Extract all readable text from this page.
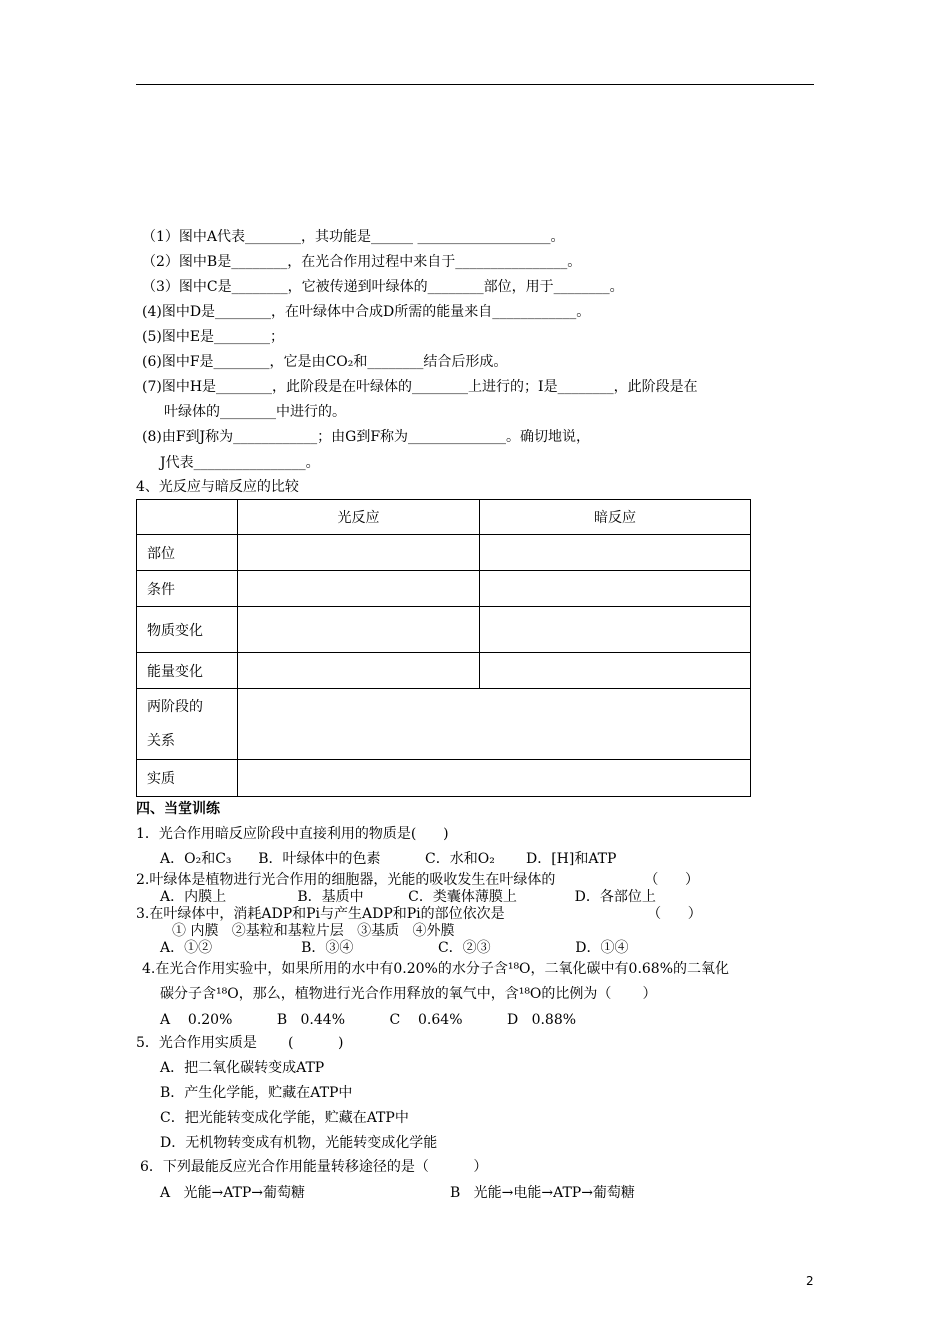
（1）图中A代表________，其功能是______ ___________________。
（2）图中B是________，在光合作用过程中来自于________________。
（3）图中C是________，它被传递到叶绿体的________部位，用于________。
(4)图中D是________，在叶绿体中合成D所需的能量来自____________。
(5)图中E是________；
(6)图中F是________，它是由CO₂和________结合后形成。
(7)图中H是________，此阶段是在叶绿体的________上进行的；I是________，此阶段是在
叶绿体的________中进行的。
(8)由F到J称为____________；由G到F称为______________。确切地说，
J代表________________。
4、光反应与暗反应的比较
	光反应	暗反应
部位		
条件		
物质变化		
能量变化		
两阶段的
关系		
实质		
四、当堂训练
1．光合作用暗反应阶段中直接利用的物质是(      )
A．O₂和C₃      B．叶绿体中的色素          C．水和O₂       D．[H]和ATP
2.叶绿体是植物进行光合作用的细胞器，光能的吸收发生在叶绿体的                    （      ）
A．内膜上                B．基质中          C．类囊体薄膜上             D．各部位上
3.在叶绿体中，消耗ADP和Pi与产生ADP和Pi的部位依次是                                （      ）
① 内膜   ②基粒和基粒片层   ③基质   ④外膜
A．①②                    B．③④                   C．②③                   D．①④
4.在光合作用实验中，如果所用的水中有0.20%的水分子含¹⁸O，二氧化碳中有0.68%的二氧化
碳分子含¹⁸O，那么，植物进行光合作用释放的氧气中，含¹⁸O的比例为（       ）
A    0.20%          B   0.44%          C    0.64%          D   0.88%
5．光合作用实质是       (          )
A．把二氧化碳转变成ATP
B．产生化学能，贮藏在ATP中
C．把光能转变成化学能，贮藏在ATP中
D．无机物转变成有机物，光能转变成化学能
6．下列最能反应光合作用能量转移途径的是（          ）
A   光能→ATP→葡萄糖	B   光能→电能→ATP→葡萄糖
2
